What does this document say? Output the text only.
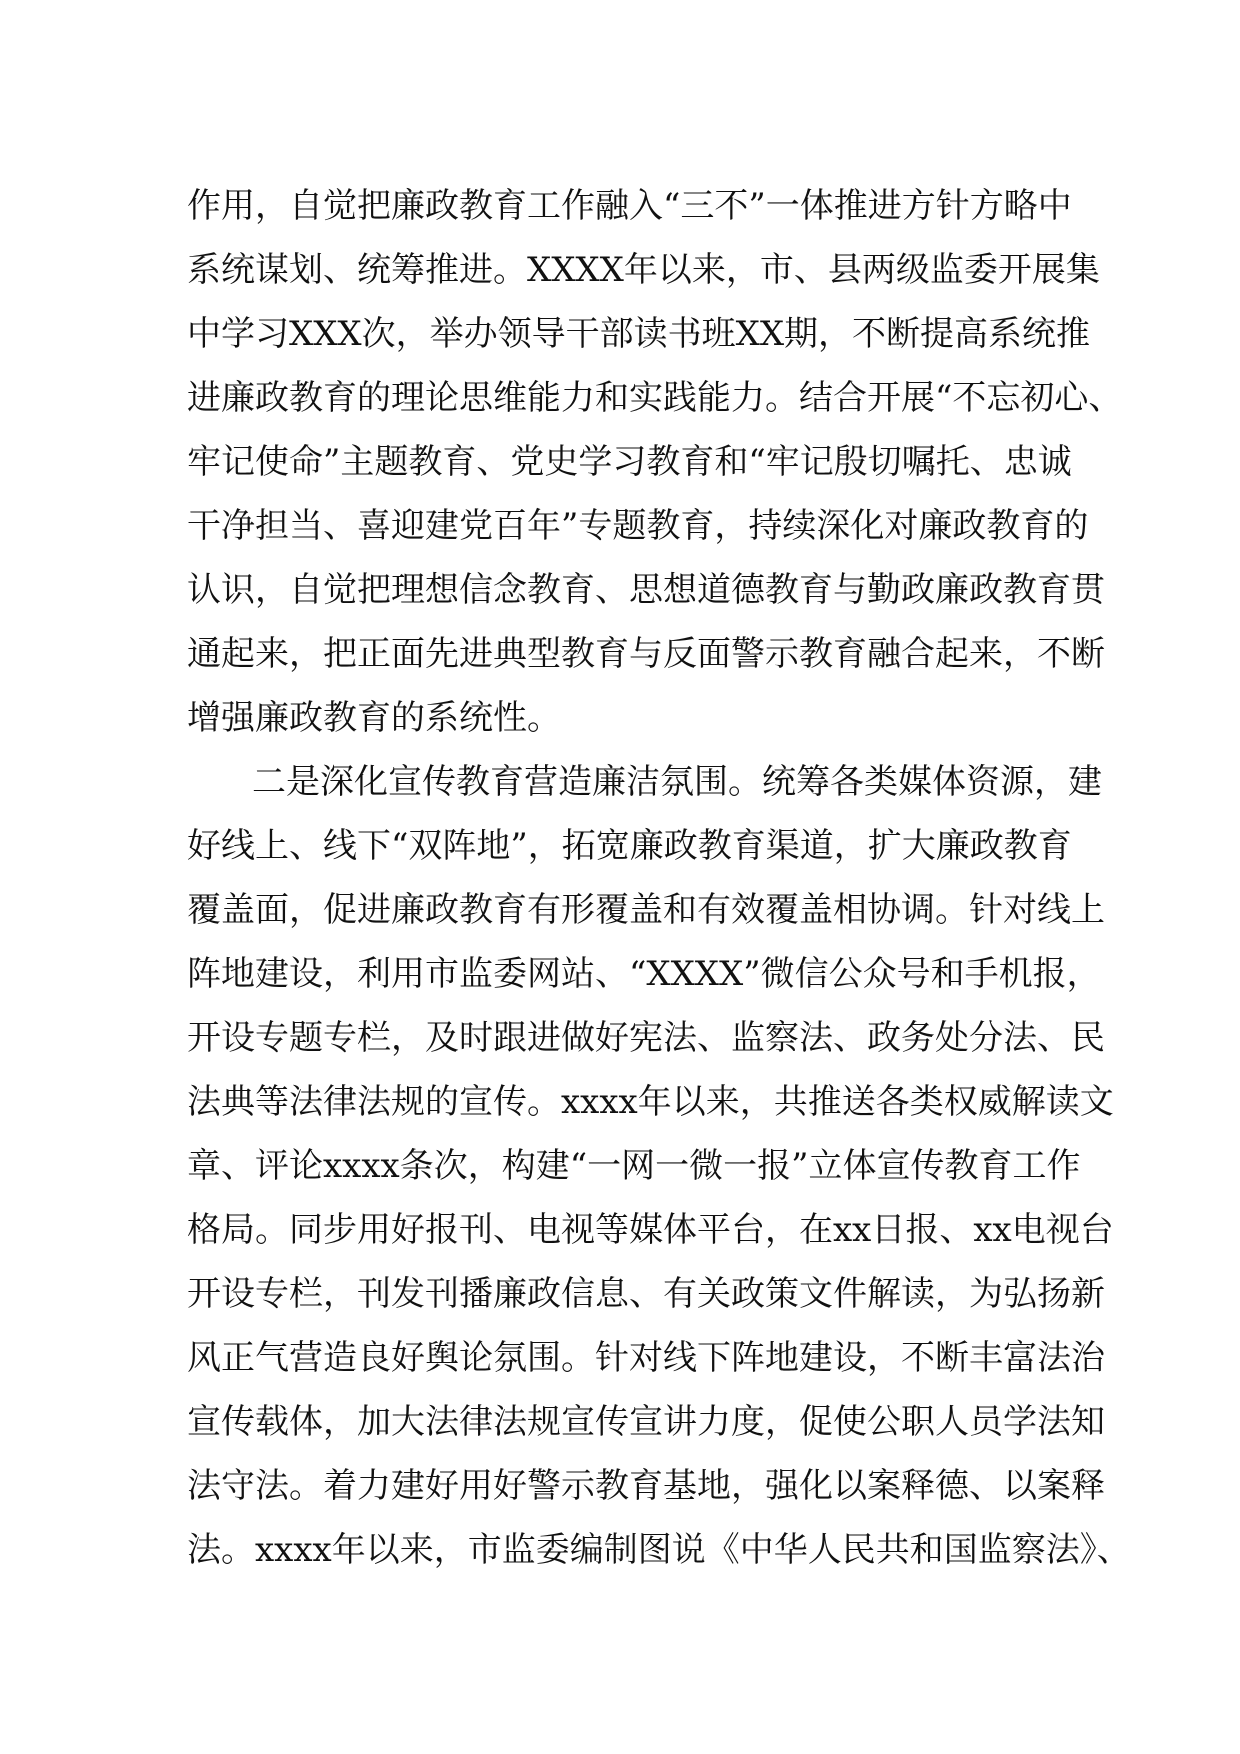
作用，自觉把廉政教育工作融入“三不”一体推进方针方略中
系统谋划、统筹推进。XXXX年以来，市、县两级监委开展集
中学习XXX次，举办领导干部读书班XX期，不断提高系统推
进廉政教育的理论思维能力和实践能力。结合开展“不忘初心、
牢记使命”主题教育、党史学习教育和“牢记殷切嘱托、忠诚
干净担当、喜迎建党百年”专题教育，持续深化对廉政教育的
认识，自觉把理想信念教育、思想道德教育与勤政廉政教育贯
通起来，把正面先进典型教育与反面警示教育融合起来，不断
增强廉政教育的系统性。
二是深化宣传教育营造廉洁氛围。统筹各类媒体资源，建
好线上、线下“双阵地”，拓宽廉政教育渠道，扩大廉政教育
覆盖面，促进廉政教育有形覆盖和有效覆盖相协调。针对线上
阵地建设，利用市监委网站、“XXXX”微信公众号和手机报，
开设专题专栏，及时跟进做好宪法、监察法、政务处分法、民
法典等法律法规的宣传。xxxx年以来，共推送各类权威解读文
章、评论xxxx条次，构建“一网一微一报”立体宣传教育工作
格局。同步用好报刊、电视等媒体平台，在xx日报、xx电视台
开设专栏，刊发刊播廉政信息、有关政策文件解读，为弘扬新
风正气营造良好舆论氛围。针对线下阵地建设，不断丰富法治
宣传载体，加大法律法规宣传宣讲力度，促使公职人员学法知
法守法。着力建好用好警示教育基地，强化以案释德、以案释
法。xxxx年以来，市监委编制图说《中华人民共和国监察法》、
